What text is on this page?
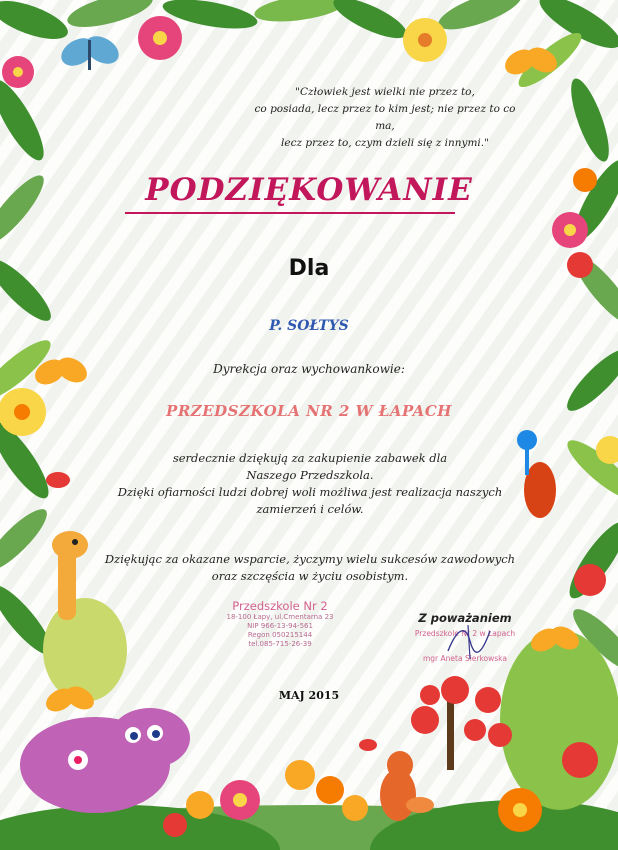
"Człowiek jest wielki nie przez to,
co posiada, lecz przez to kim jest; nie przez to co ma,
lecz przez to, czym dzieli się z innymi."
PODZIĘKOWANIE
Dla
P. SOŁTYS
Dyrekcja oraz wychowankowie:
PRZEDSZKOLA NR 2 W ŁAPACH
serdecznie dziękują za zakupienie zabawek dla
Naszego Przedszkola.
Dzięki ofiarności ludzi dobrej woli możliwa jest realizacja naszych
zamierzeń i celów.
Dziękując za okazane wsparcie, życzymy wielu sukcesów zawodowych
oraz szczęścia w życiu osobistym.
Przedszkole Nr 2
18-100 Łapy, ul.Cmentarna 23
NIP 966-13-94-561
Regon 050215144
tel.085-715-26-39
Z poważaniem
Przedszkole Nr 2 w Łapach
mgr Aneta Sierkowska
MAJ 2015
